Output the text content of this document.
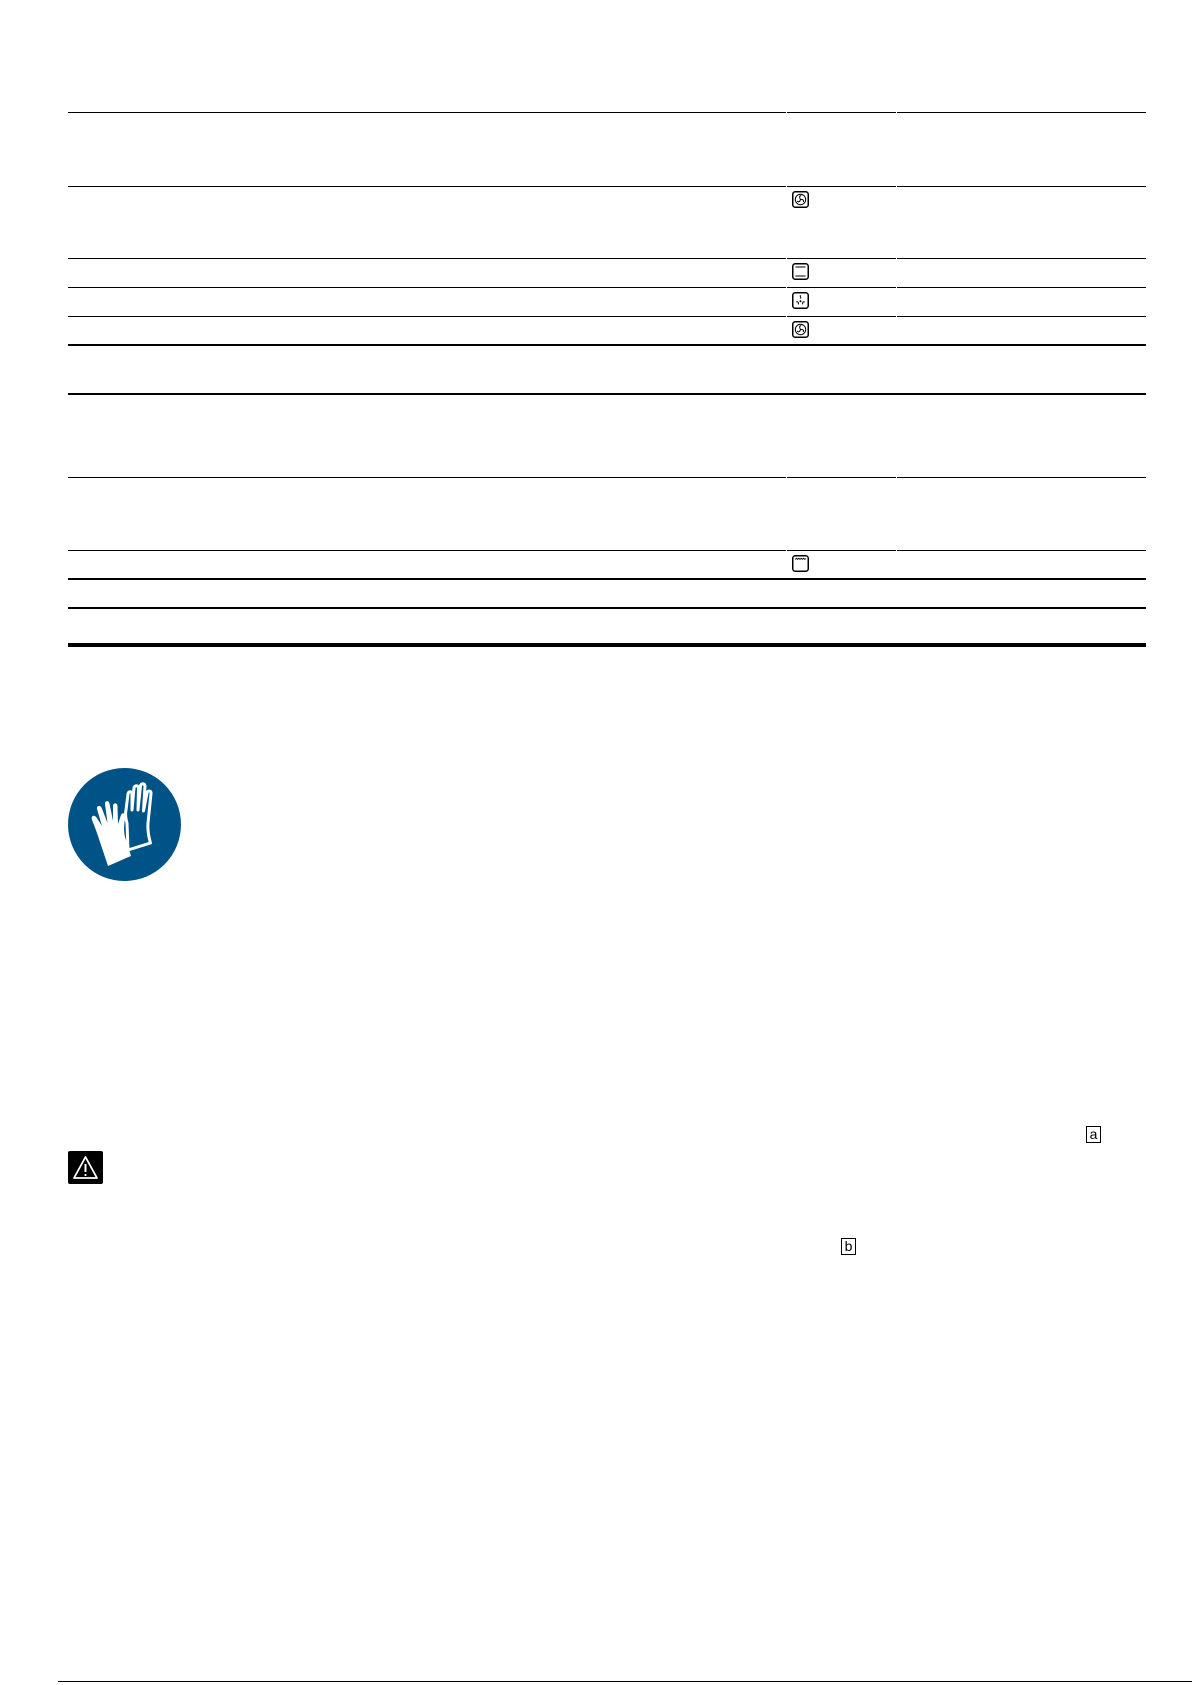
a
b
